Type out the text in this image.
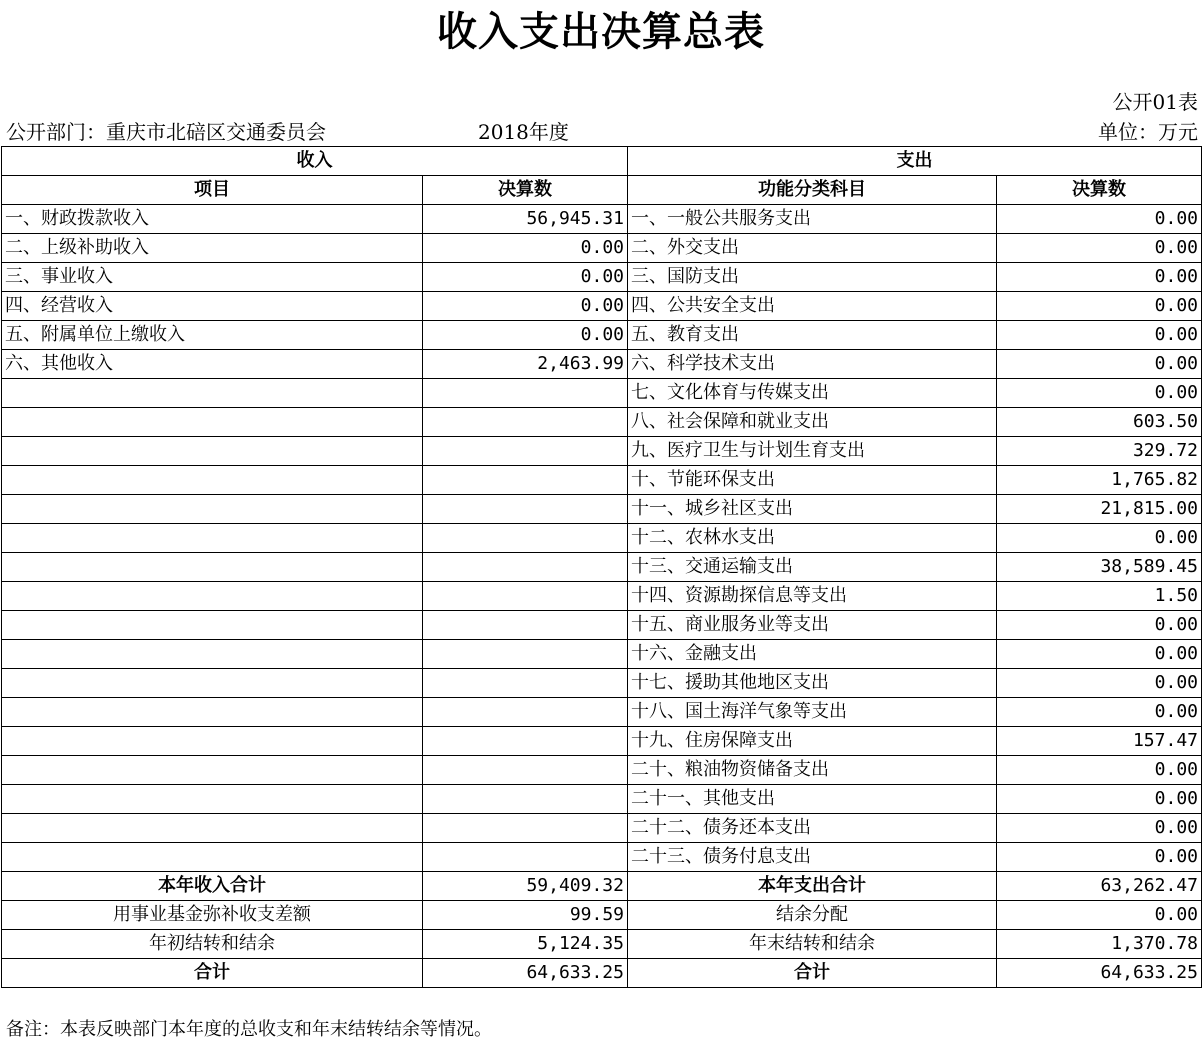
收入支出决算总表
公开01表
公开部门：重庆市北碚区交通委员会	2018年度	单位：万元
收入		支出	
项目	决算数	功能分类科目	决算数
一、财政拨款收入	56,945.31	一、一般公共服务支出	0.00
二、上级补助收入	0.00	二、外交支出	0.00
三、事业收入	0.00	三、国防支出	0.00
四、经营收入	0.00	四、公共安全支出	0.00
五、附属单位上缴收入	0.00	五、教育支出	0.00
六、其他收入	2,463.99	六、科学技术支出	0.00
		七、文化体育与传媒支出	0.00
		八、社会保障和就业支出	603.50
		九、医疗卫生与计划生育支出	329.72
		十、节能环保支出	1,765.82
		十一、城乡社区支出	21,815.00
		十二、农林水支出	0.00
		十三、交通运输支出	38,589.45
		十四、资源勘探信息等支出	1.50
		十五、商业服务业等支出	0.00
		十六、金融支出	0.00
		十七、援助其他地区支出	0.00
		十八、国土海洋气象等支出	0.00
		十九、住房保障支出	157.47
		二十、粮油物资储备支出	0.00
		二十一、其他支出	0.00
		二十二、债务还本支出	0.00
		二十三、债务付息支出	0.00
本年收入合计	59,409.32	本年支出合计	63,262.47
用事业基金弥补收支差额	99.59	结余分配	0.00
年初结转和结余	5,124.35	年末结转和结余	1,370.78
合计	64,633.25	合计	64,633.25
备注：本表反映部门本年度的总收支和年末结转结余等情况。
